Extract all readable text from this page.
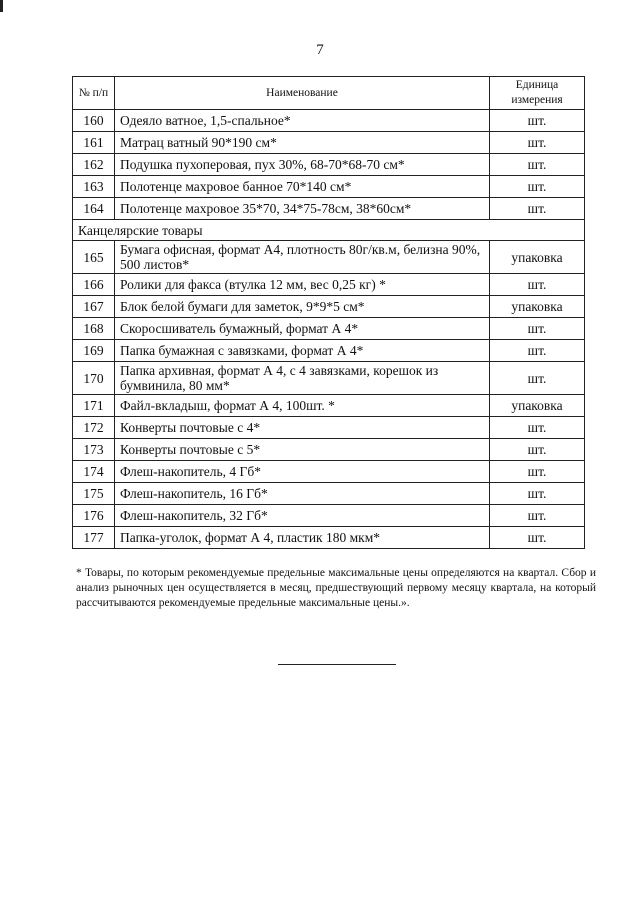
7
№ п/п	Наименование	Единица измерения
160	Одеяло ватное, 1,5-спальное*	шт.
161	Матрац ватный 90*190 см*	шт.
162	Подушка пухоперовая, пух 30%, 68-70*68-70 см*	шт.
163	Полотенце махровое банное 70*140 см*	шт.
164	Полотенце махровое 35*70, 34*75-78см, 38*60см*	шт.
Канцелярские товары		
165	Бумага офисная, формат А4, плотность 80г/кв.м, белизна 90%, 500 листов*	упаковка
166	Ролики для факса (втулка 12 мм, вес 0,25 кг) *	шт.
167	Блок белой бумаги для заметок, 9*9*5 см*	упаковка
168	Скоросшиватель бумажный, формат А 4*	шт.
169	Папка бумажная с завязками, формат А 4*	шт.
170	Папка архивная, формат А 4, с 4 завязками, корешок из бумвинила, 80 мм*	шт.
171	Файл-вкладыш, формат А 4, 100шт. *	упаковка
172	Конверты почтовые с 4*	шт.
173	Конверты почтовые с 5*	шт.
174	Флеш-накопитель, 4 Гб*	шт.
175	Флеш-накопитель, 16 Гб*	шт.
176	Флеш-накопитель, 32 Гб*	шт.
177	Папка-уголок, формат А 4, пластик 180 мкм*	шт.
* Товары, по которым рекомендуемые предельные максимальные цены определяются на квартал. Сбор и анализ рыночных цен осуществляется в месяц, предшествующий первому месяцу квартала, на который рассчитываются рекомендуемые предельные максимальные цены.».
